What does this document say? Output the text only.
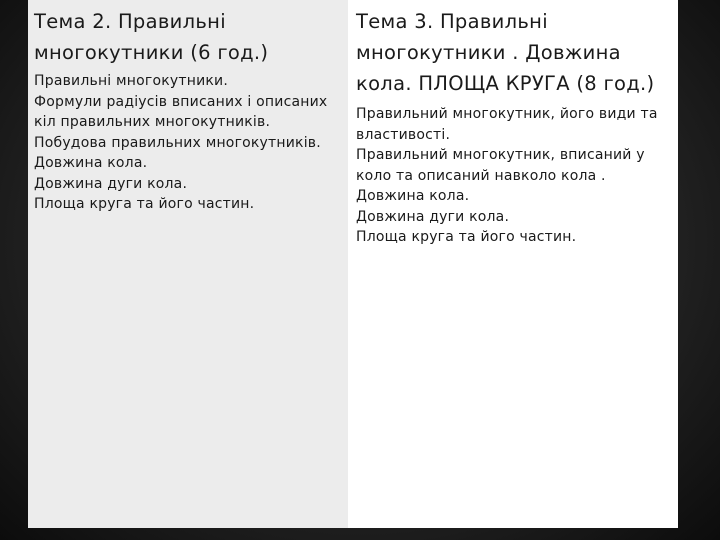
Тема 2. Правильні многокутники (6 год.)
Правильні многокутники.
Формули радіусів вписаних і описаних кіл правильних многокутників.
Побудова правильних многокутників.
Довжина кола.
Довжина дуги кола.
Площа круга та його частин.
Тема 3. Правильні многокутники . Довжина кола. ПЛОЩА КРУГА (8 год.)
Правильний многокутник, його види та властивості.
Правильний многокутник, вписаний у коло та описаний навколо кола .
Довжина кола.
Довжина дуги кола.
Площа круга та його частин.
